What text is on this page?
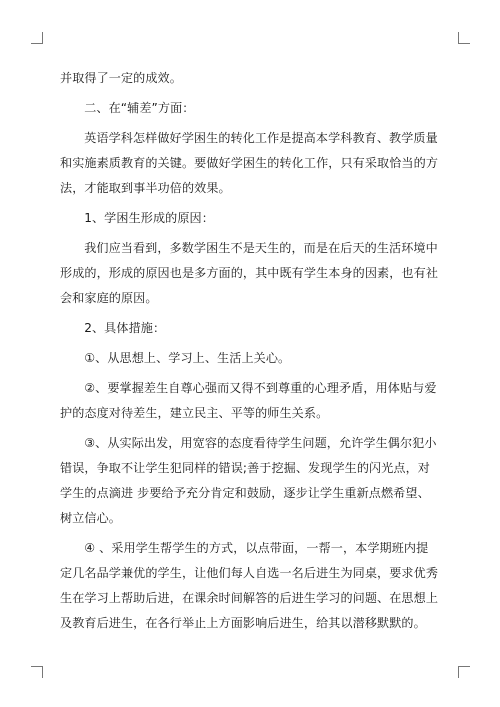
并取得了一定的成效。

二、在“辅差”方面：

英语学科怎样做好学困生的转化工作是提高本学科教育、教学质量和实施素质教育的关键。要做好学困生的转化工作，只有采取恰当的方法，才能取到事半功倍的效果。

1、学困生形成的原因：

我们应当看到，多数学困生不是天生的，而是在后天的生活环境中形成的，形成的原因也是多方面的，其中既有学生本身的因素，也有社会和家庭的原因。

2、具体措施：

①、从思想上、学习上、生活上关心。

②、要掌握差生自尊心强而又得不到尊重的心理矛盾，用体贴与爱护的态度对待差生，建立民主、平等的师生关系。

③、从实际出发，用宽容的态度看待学生问题，允许学生偶尔犯小错误，争取不让学生犯同样的错误;善于挖掘、发现学生的闪光点，对学生的点滴进 步要给予充分肯定和鼓励，逐步让学生重新点燃希望、树立信心。

④ 、采用学生帮学生的方式，以点带面，一帮一，本学期班内提定几名品学兼优的学生，让他们每人自选一名后进生为同桌，要求优秀生在学习上帮助后进，在课余时间解答的后进生学习的问题、在思想上及教育后进生，在各行举止上方面影响后进生，给其以潜移默默的。
